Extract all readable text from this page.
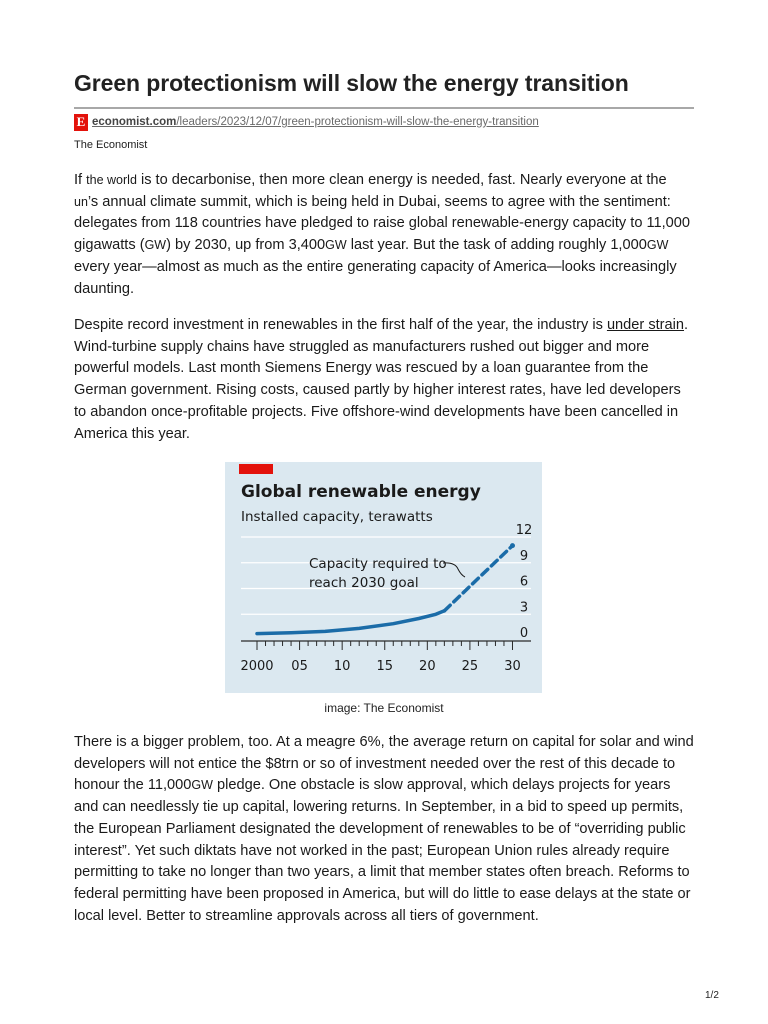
Green protectionism will slow the energy transition
E economist.com/leaders/2023/12/07/green-protectionism-will-slow-the-energy-transition
The Economist

If the world is to decarbonise, then more clean energy is needed, fast. Nearly everyone at the un’s annual climate summit, which is being held in Dubai, seems to agree with the sentiment: delegates from 118 countries have pledged to raise global renewable-energy capacity to 11,000 gigawatts (GW) by 2030, up from 3,400GW last year. But the task of adding roughly 1,000GW every year—almost as much as the entire generating capacity of America—looks increasingly daunting.

Despite record investment in renewables in the first half of the year, the industry is under strain. Wind-turbine supply chains have struggled as manufacturers rushed out bigger and more powerful models. Last month Siemens Energy was rescued by a loan guarantee from the German government. Rising costs, caused partly by higher interest rates, have led developers to abandon once-profitable projects. Five offshore-wind developments have been cancelled in America this year.

Global renewable energy
Installed capacity, terawatts
0
3
6
9
12
2000 05 10 15 20 25 30
Capacity required to
reach 2030 goal
image: The Economist

There is a bigger problem, too. At a meagre 6%, the average return on capital for solar and wind developers will not entice the $8trn or so of investment needed over the rest of this decade to honour the 11,000GW pledge. One obstacle is slow approval, which delays projects for years and can needlessly tie up capital, lowering returns. In September, in a bid to speed up permits, the European Parliament designated the development of renewables to be of “overriding public interest”. Yet such diktats have not worked in the past; European Union rules already require permitting to take no longer than two years, a limit that member states often breach. Reforms to federal permitting have been proposed in America, but will do little to ease delays at the state or local level. Better to streamline approvals across all tiers of government.

1/2
